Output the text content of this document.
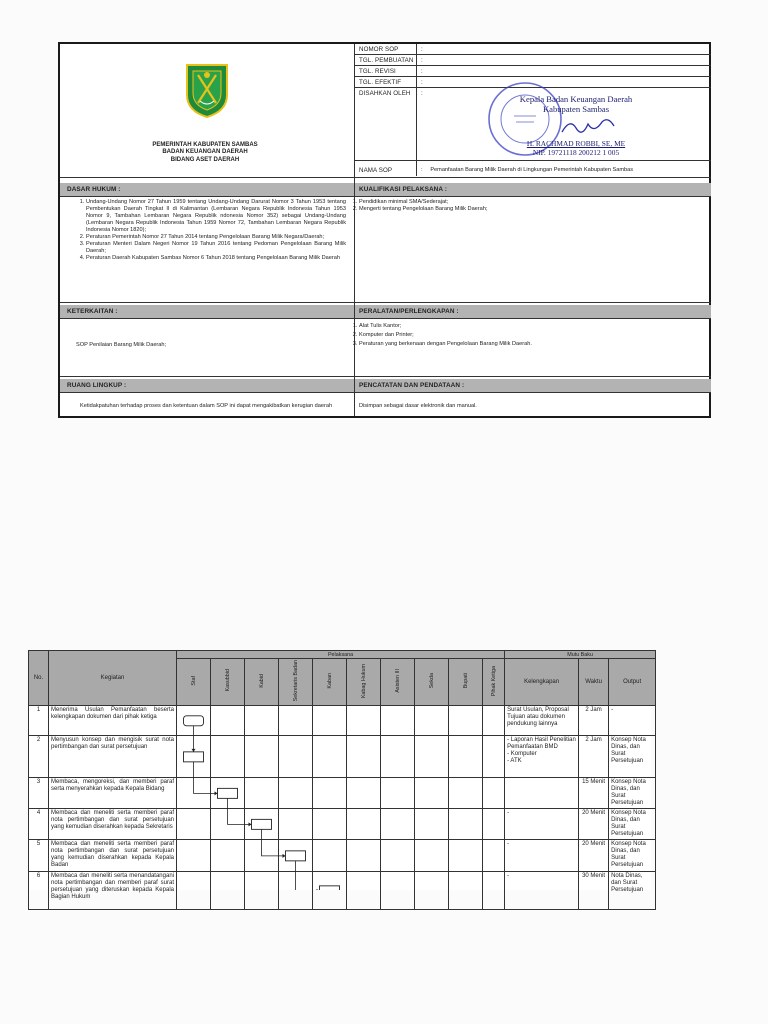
PEMERINTAH KABUPATEN SAMBAS
BADAN KEUANGAN DAERAH
BIDANG ASET DAERAH
NOMOR SOP	:
TGL. PEMBUATAN :
TGL. REVISI	:
TGL. EFEKTIF	:
DISAHKAN OLEH :
Kepala Badan Keuangan Daerah
Kabupaten Sambas
H. RACHMAD ROBBI, SE, ME
NIP. 19721118 200212 1 005
NAMA SOP	:     Pemanfaatan Barang Milik Daerah di Lingkungan Pemerintah Kabupaten Sambas
DASAR HUKUM :	KUALIFIKASI PELAKSANA :
1. Undang-Undang Nomor 27 Tahun 1959 tentang Undang-Undang Darurat Nomor 3 Tahun 1953 tentang Pembentukan Daerah Tingkat II di Kalimantan (Lembaran Negara Republik Indonesia Tahun 1953 Nomor 9, Tambahan Lembaran Negara Republik ndonesia Nomor 352) sebagai Undang-Undang (Lembaran Negara Republik Indonesia Tahun 1959 Nomor 72, Tambahan Lembaran Negara Republik Indonesia Nomor 1820);
2. Peraturan Pemerintah Nomor 27 Tahun 2014 tentang Pengelolaan Barang Milik Negara/Daerah;
3. Peraturan Menteri Dalam Negeri Nomor 19 Tahun 2016 tentang Pedoman Pengelolaan Barang Milik Daerah;
4. Peraturan Daerah Kabupaten Sambas Nomor 6 Tahun 2018 tentang Pengelolaan Barang Milik Daerah
1. Pendidikan minimal SMA/Sederajat;
2. Mengerti tentang Pengelolaan Barang Milik Daerah;
KETERKAITAN :	PERALATAN/PERLENGKAPAN :
SOP Penilaian Barang Milik Daerah;
1. Alat Tulis Kantor;
2. Komputer dan Printer;
3. Peraturan yang berkenaan dengan Pengelolaan Barang Milik Daerah.
RUANG LINGKUP :	PENCATATAN DAN PENDATAAN :
Ketidakpatuhan terhadap proses dan ketentuan dalam SOP ini dapat mengakibatkan kerugian daerah	Disimpan sebagai dasar elektronik dan manual.
No.	Kegiatan	Pelaksana										Mutu Baku		
		Staf	Kasubbid	Kabid	Sekretaris Badan	Kaban	Kabag Hukum	Asisten III	Sekda	Bupati	Pihak Ketiga	Kelengkapan	Waktu	Output
1	Menerima Usulan Pemanfaatan beserta kelengkapan dokumen dari pihak ketiga											Surat Usulan, Proposal Tujuan atau dokumen pendukung lainnya	2 Jam	-
2	Menyusun konsep dan mengisik surat nota pertimbangan dan surat persetujuan											- Laporan Hasil Penelitian Pemanfaatan BMD
- Komputer
- ATK	2 Jam	Konsep Nota Dinas, dan Surat Persetujuan
3	Membaca, mengoreksi, dan memberi paraf serta menyerahkan kepada Kepala Bidang												15 Menit	Konsep Nota Dinas, dan Surat Persetujuan
4	Membaca dan meneliti serta memberi paraf nota pertimbangan dan surat persetujuan yang kemudian diserahkan kepada Sekretaris											-	20 Menit	Konsep Nota Dinas, dan Surat Persetujuan
5	Membaca dan meneliti serta memberi paraf nota pertimbangan dan surat persetujuan yang kemudian diserahkan kepada Kepala Badan											-	20 Menit	Konsep Nota Dinas, dan Surat Persetujuan
6	Membaca dan meneliti serta menandatangani nota pertimbangan dan memberi paraf surat persetujuan yang diteruskan kepada Kepala Bagian Hukum											-	30 Menit	Nota Dinas, dan Surat Persetujuan
